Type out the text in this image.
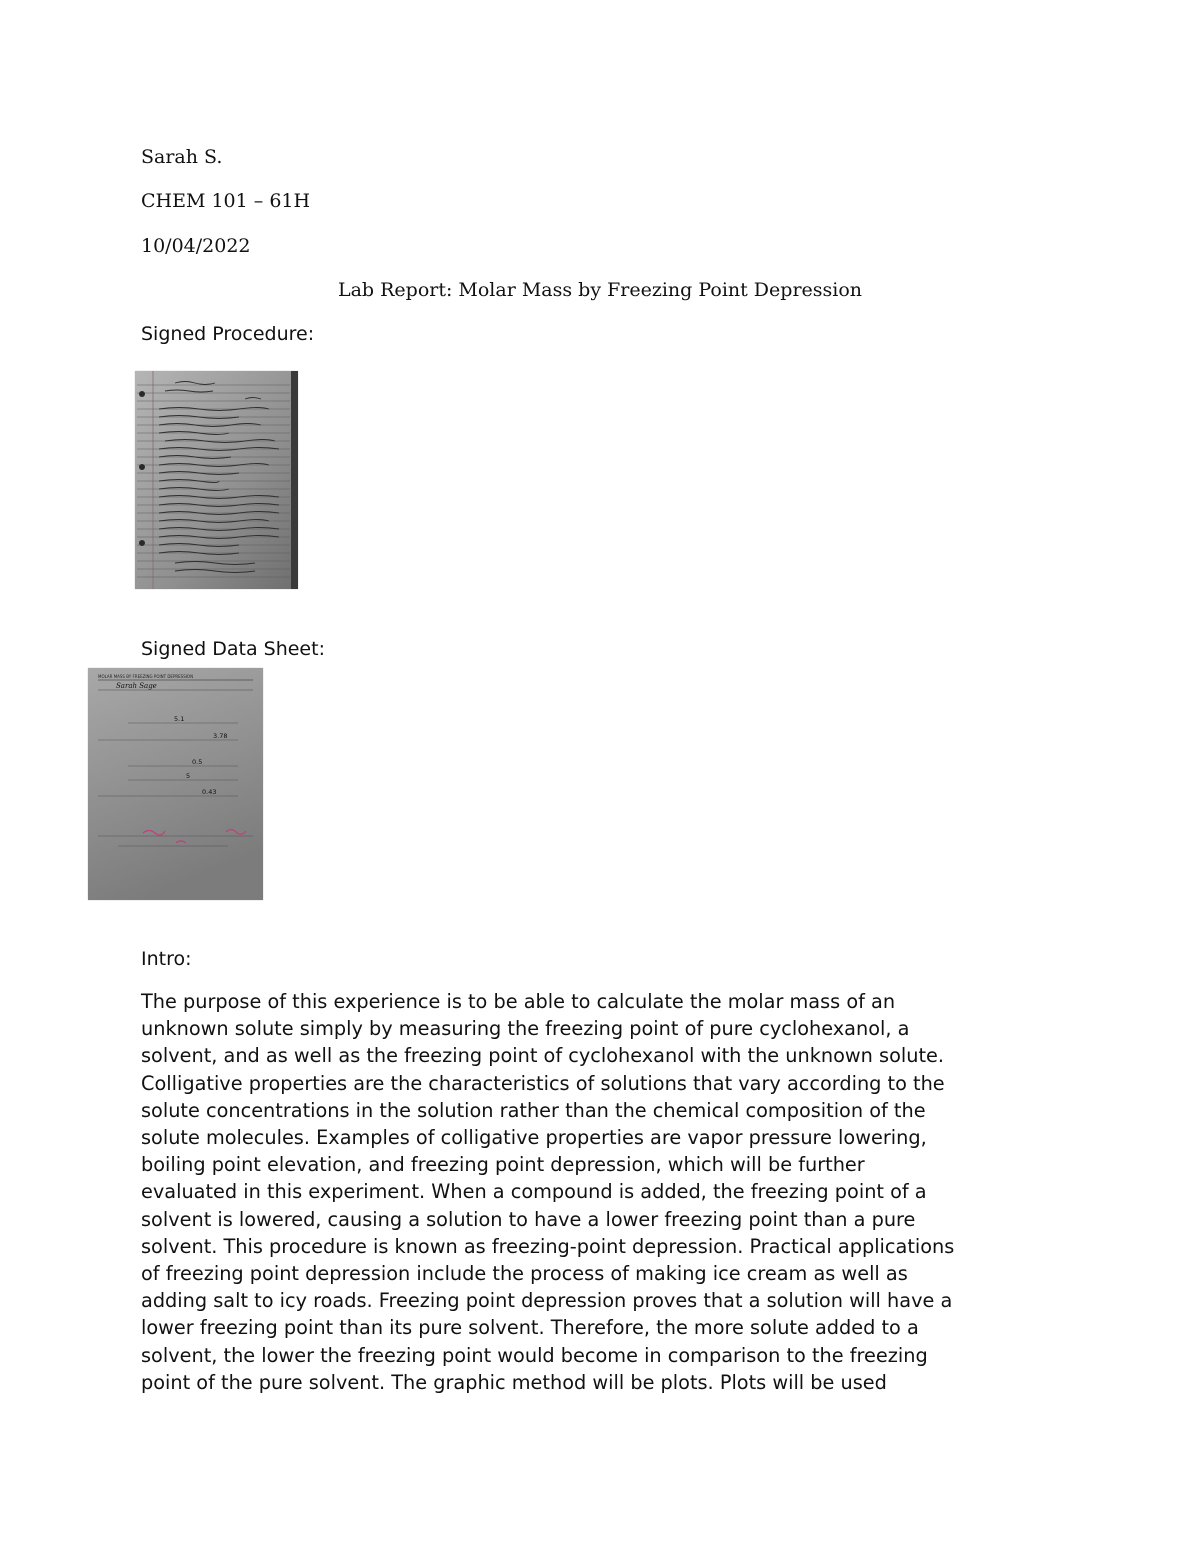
Sarah S.
CHEM 101 – 61H
10/04/2022
Lab Report: Molar Mass by Freezing Point Depression
Signed Procedure:
Signed Data Sheet:
MOLAR MASS BY FREEZING POINT DEPRESSION
Sarah Sage
5.1
3.78
0.5
5
0.43
Intro:
The purpose of this experience is to be able to calculate the molar mass of an
unknown solute simply by measuring the freezing point of pure cyclohexanol, a
solvent, and as well as the freezing point of cyclohexanol with the unknown solute.
Colligative properties are the characteristics of solutions that vary according to the
solute concentrations in the solution rather than the chemical composition of the
solute molecules. Examples of colligative properties are vapor pressure lowering,
boiling point elevation, and freezing point depression, which will be further
evaluated in this experiment. When a compound is added, the freezing point of a
solvent is lowered, causing a solution to have a lower freezing point than a pure
solvent. This procedure is known as freezing-point depression. Practical applications
of freezing point depression include the process of making ice cream as well as
adding salt to icy roads. Freezing point depression proves that a solution will have a
lower freezing point than its pure solvent. Therefore, the more solute added to a
solvent, the lower the freezing point would become in comparison to the freezing
point of the pure solvent. The graphic method will be plots. Plots will be used
